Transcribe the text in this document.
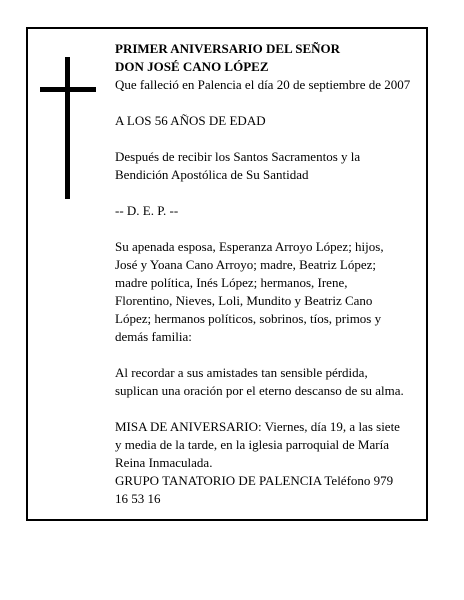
PRIMER ANIVERSARIO DEL SEÑOR
DON JOSÉ CANO LÓPEZ
Que falleció en Palencia el día 20 de septiembre de 2007
A LOS 56 AÑOS DE EDAD
Después de recibir los Santos Sacramentos y la
Bendición Apostólica de Su Santidad
-- D. E. P. --
Su apenada esposa, Esperanza Arroyo López; hijos,
José y Yoana Cano Arroyo; madre, Beatriz López;
madre política, Inés López; hermanos, Irene,
Florentino, Nieves, Loli, Mundito y Beatriz Cano
López; hermanos políticos, sobrinos, tíos, primos y
demás familia:
Al recordar a sus amistades tan sensible pérdida,
suplican una oración por el eterno descanso de su alma.
MISA DE ANIVERSARIO: Viernes, día 19, a las siete
y media de la tarde, en la iglesia parroquial de María
Reina Inmaculada.
GRUPO TANATORIO DE PALENCIA Teléfono 979
16 53 16
